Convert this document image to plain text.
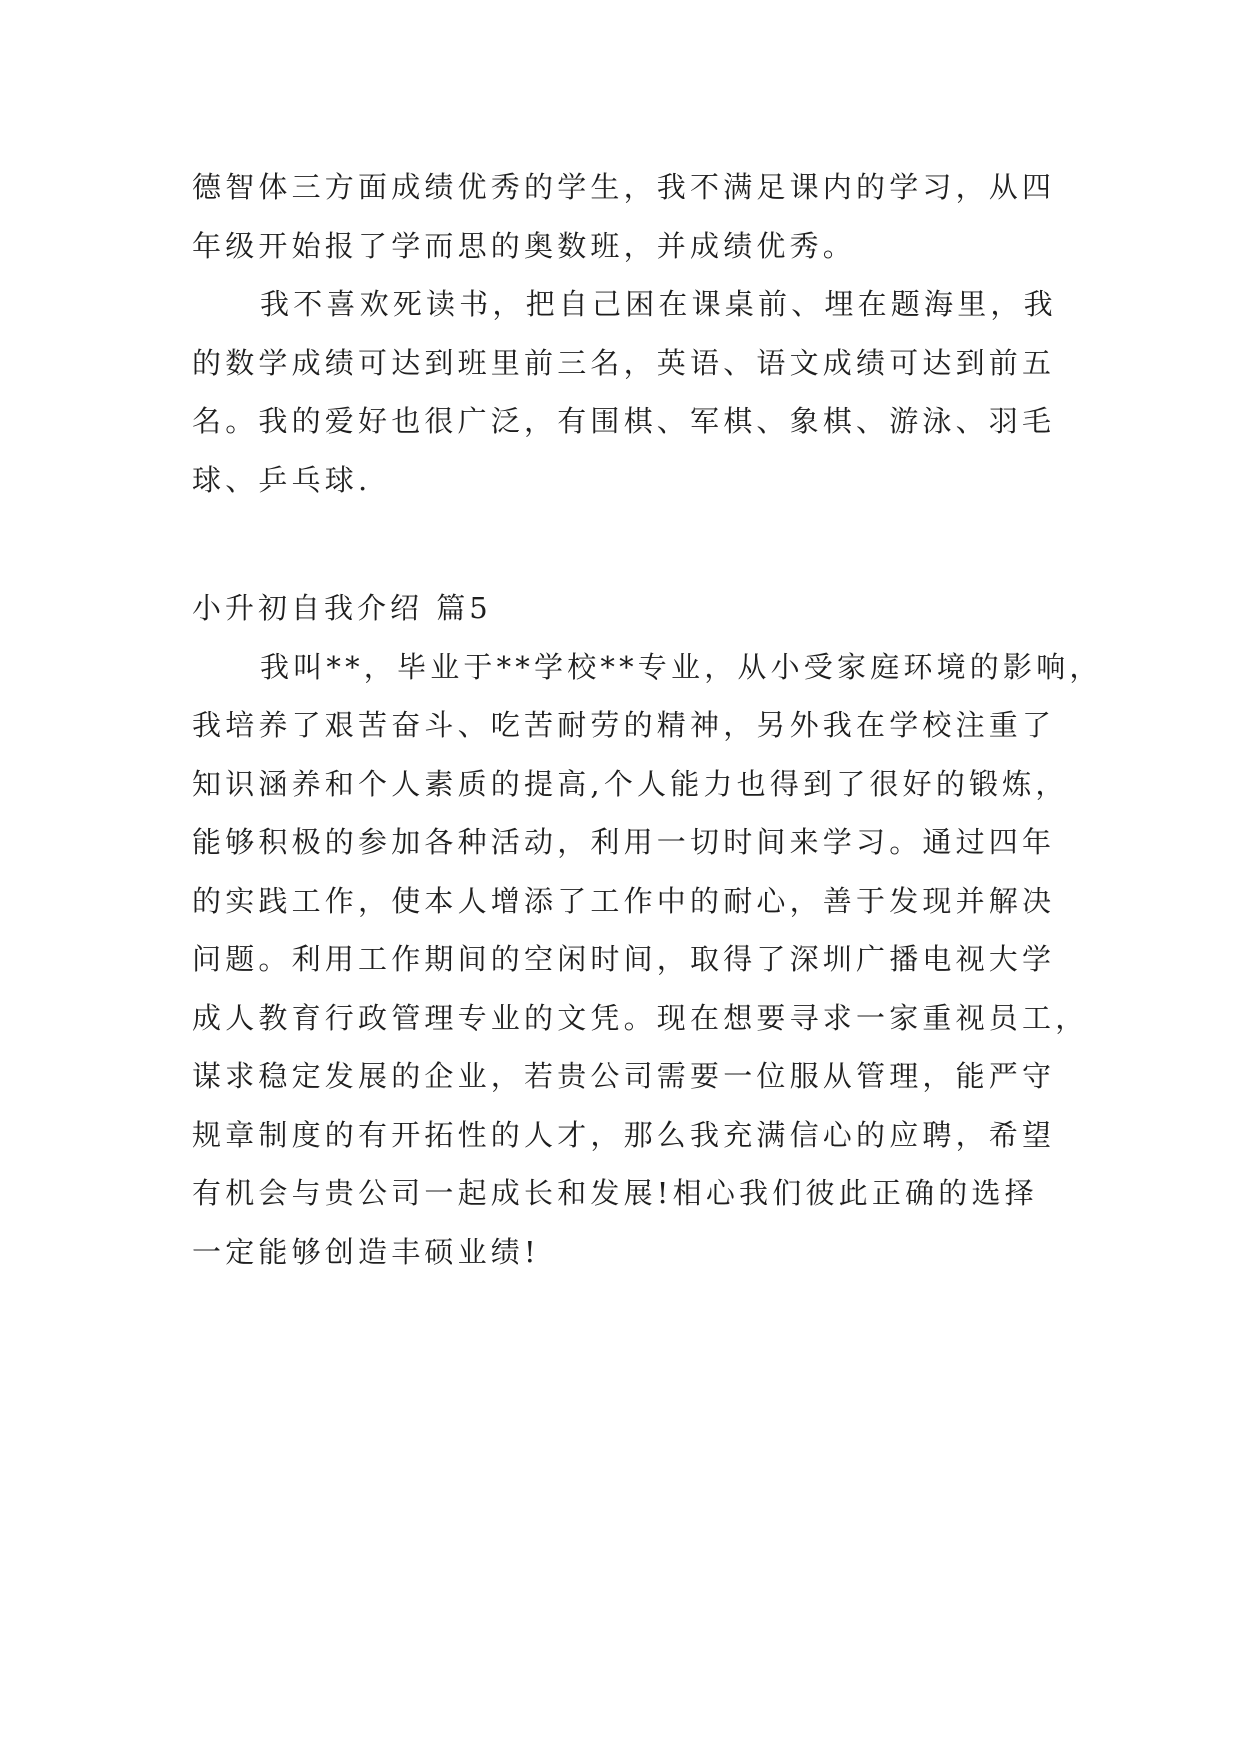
德智体三方面成绩优秀的学生，我不满足课内的学习，从四
年级开始报了学而思的奥数班，并成绩优秀。
我不喜欢死读书，把自己困在课桌前、埋在题海里，我
的数学成绩可达到班里前三名，英语、语文成绩可达到前五
名。我的爱好也很广泛，有围棋、军棋、象棋、游泳、羽毛
球、乒乓球.
小升初自我介绍 篇5
我叫**，毕业于**学校**专业，从小受家庭环境的影响，
我培养了艰苦奋斗、吃苦耐劳的精神，另外我在学校注重了
知识涵养和个人素质的提高,个人能力也得到了很好的锻炼，
能够积极的参加各种活动，利用一切时间来学习。通过四年
的实践工作，使本人增添了工作中的耐心，善于发现并解决
问题。利用工作期间的空闲时间，取得了深圳广播电视大学
成人教育行政管理专业的文凭。现在想要寻求一家重视员工，
谋求稳定发展的企业，若贵公司需要一位服从管理，能严守
规章制度的有开拓性的人才，那么我充满信心的应聘，希望
有机会与贵公司一起成长和发展!相心我们彼此正确的选择
一定能够创造丰硕业绩!
